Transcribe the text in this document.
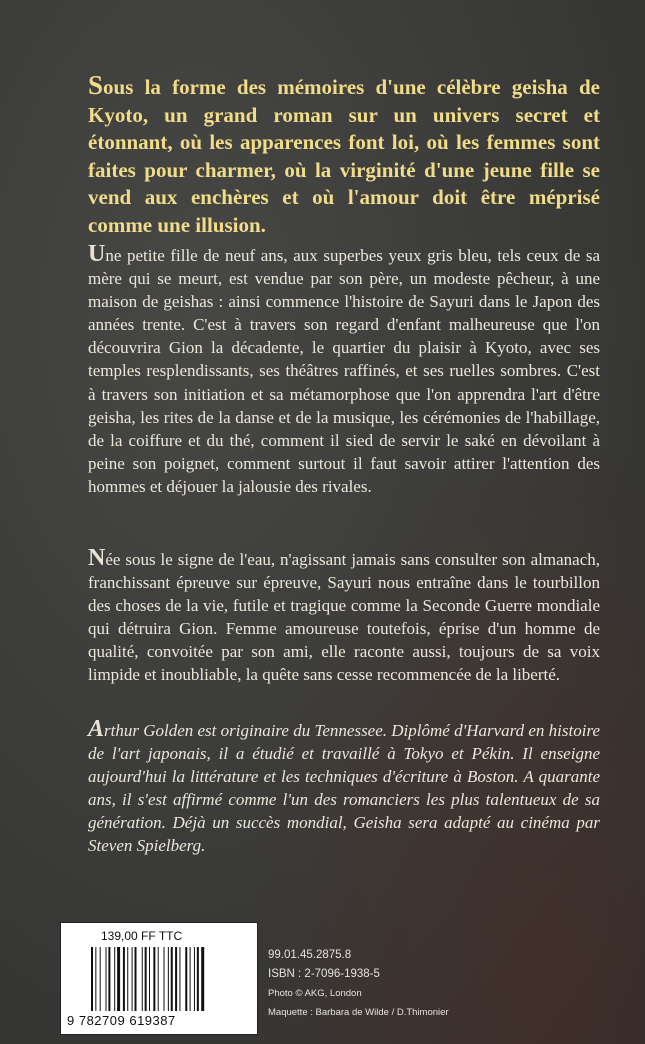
Sous la forme des mémoires d'une célèbre geisha de Kyoto, un grand roman sur un univers secret et étonnant, où les apparences font loi, où les femmes sont faites pour charmer, où la virginité d'une jeune fille se vend aux enchères et où l'amour doit être méprisé comme une illusion.

Une petite fille de neuf ans, aux superbes yeux gris bleu, tels ceux de sa mère qui se meurt, est vendue par son père, un modeste pêcheur, à une maison de geishas : ainsi commence l'histoire de Sayuri dans le Japon des années trente. C'est à travers son regard d'enfant malheureuse que l'on découvrira Gion la décadente, le quartier du plaisir à Kyoto, avec ses temples resplendissants, ses théâtres raffinés, et ses ruelles sombres. C'est à travers son initiation et sa métamorphose que l'on apprendra l'art d'être geisha, les rites de la danse et de la musique, les cérémonies de l'habillage, de la coiffure et du thé, comment il sied de servir le saké en dévoilant à peine son poignet, comment surtout il faut savoir attirer l'attention des hommes et déjouer la jalousie des rivales.

Née sous le signe de l'eau, n'agissant jamais sans consulter son almanach, franchissant épreuve sur épreuve, Sayuri nous entraîne dans le tourbillon des choses de la vie, futile et tragique comme la Seconde Guerre mondiale qui détruira Gion. Femme amoureuse toutefois, éprise d'un homme de qualité, convoitée par son ami, elle raconte aussi, toujours de sa voix limpide et inoubliable, la quête sans cesse recommencée de la liberté.

Arthur Golden est originaire du Tennessee. Diplômé d'Harvard en histoire de l'art japonais, il a étudié et travaillé à Tokyo et Pékin. Il enseigne aujourd'hui la littérature et les techniques d'écriture à Boston. A quarante ans, il s'est affirmé comme l'un des romanciers les plus talentueux de sa génération. Déjà un succès mondial, Geisha sera adapté au cinéma par Steven Spielberg.

139,00 FF TTC
9 782709 619387
99.01.45.2875.8
ISBN : 2-7096-1938-5
Photo © AKG, London
Maquette : Barbara de Wilde / D.Thimonier
